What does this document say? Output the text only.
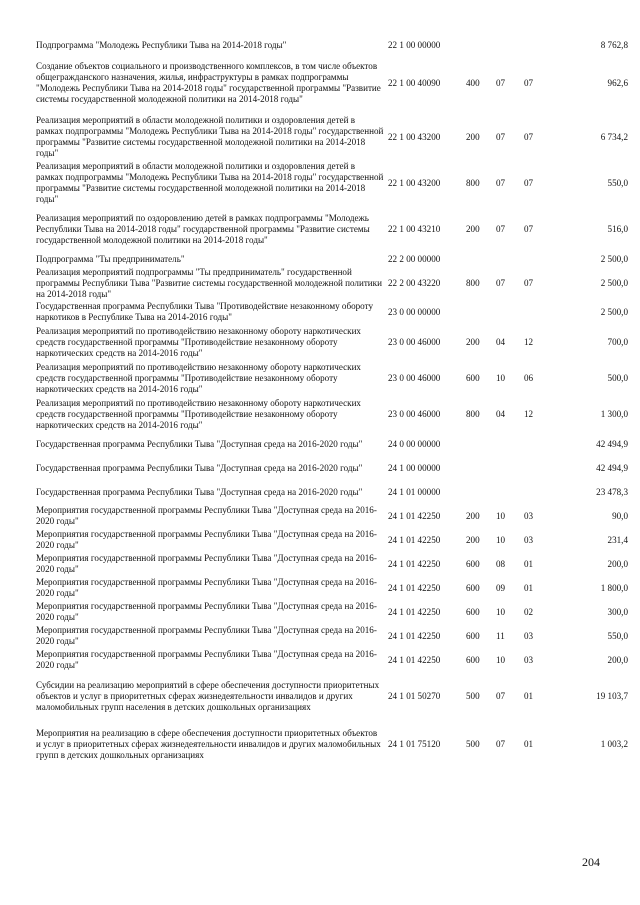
Подпрограмма "Молодежь Республики Тыва на 2014-2018 годы"	22 1 00 00000				8 762,8
Создание объектов социального и производственного комплексов, в том числе объектов общегражданского назначения, жилья, инфраструктуры в рамках подпрограммы "Молодежь Республики Тыва на 2014-2018 годы" государственной программы "Развитие системы государственной молодежной политики на 2014-2018 годы"	22 1 00 40090	400	07	07	962,6
Реализация мероприятий в области молодежной политики и оздоровления детей в рамках подпрограммы "Молодежь Республики Тыва на 2014-2018 годы" государственной программы "Развитие системы государственной молодежной политики на 2014-2018 годы"	22 1 00 43200	200	07	07	6 734,2
Реализация мероприятий в области молодежной политики и оздоровления детей в рамках подпрограммы "Молодежь Республики Тыва на 2014-2018 годы" государственной программы "Развитие системы государственной молодежной политики на 2014-2018 годы"	22 1 00 43200	800	07	07	550,0
Реализация мероприятий по оздоровлению детей в рамках подпрограммы "Молодежь Республики Тыва на 2014-2018 годы" государственной программы "Развитие системы государственной молодежной политики на 2014-2018 годы"	22 1 00 43210	200	07	07	516,0
Подпрограмма "Ты предприниматель"	22 2 00 00000				2 500,0
Реализация мероприятий подпрограммы "Ты предприниматель" государственной программы Республики Тыва "Развитие системы государственной молодежной политики на 2014-2018 годы"	22 2 00 43220	800	07	07	2 500,0
Государственная программа Республики Тыва "Противодействие незаконному обороту наркотиков в Республике Тыва на 2014-2016 годы"	23 0 00 00000				2 500,0
Реализация мероприятий по противодействию незаконному обороту наркотических средств государственной программы "Противодействие незаконному обороту наркотических средств на 2014-2016 годы"	23 0 00 46000	200	04	12	700,0
Реализация мероприятий по противодействию незаконному обороту наркотических средств государственной программы "Противодействие незаконному обороту наркотических средств на 2014-2016 годы"	23 0 00 46000	600	10	06	500,0
Реализация мероприятий по противодействию незаконному обороту наркотических средств государственной программы "Противодействие незаконному обороту наркотических средств на 2014-2016 годы"	23 0 00 46000	800	04	12	1 300,0
Государственная программа Республики Тыва "Доступная среда на 2016-2020 годы"	24 0 00 00000				42 494,9
Государственная программа Республики Тыва "Доступная среда на 2016-2020 годы"	24 1 00 00000				42 494,9
Государственная программа Республики Тыва "Доступная среда на 2016-2020 годы"	24 1 01 00000				23 478,3
Мероприятия государственной программы Республики Тыва "Доступная среда на 2016-2020 годы"	24 1 01 42250	200	10	03	90,0
Мероприятия государственной программы Республики Тыва "Доступная среда на 2016-2020 годы"	24 1 01 42250	200	10	03	231,4
Мероприятия государственной программы Республики Тыва "Доступная среда на 2016-2020 годы"	24 1 01 42250	600	08	01	200,0
Мероприятия государственной программы Республики Тыва "Доступная среда на 2016-2020 годы"	24 1 01 42250	600	09	01	1 800,0
Мероприятия государственной программы Республики Тыва "Доступная среда на 2016-2020 годы"	24 1 01 42250	600	10	02	300,0
Мероприятия государственной программы Республики Тыва "Доступная среда на 2016-2020 годы"	24 1 01 42250	600	11	03	550,0
Мероприятия государственной программы Республики Тыва "Доступная среда на 2016-2020 годы"	24 1 01 42250	600	10	03	200,0
Субсидии на реализацию мероприятий в сфере обеспечения доступности приоритетных объектов и услуг в приоритетных сферах жизнедеятельности инвалидов и других маломобильных групп населения в детских дошкольных организациях	24 1 01 50270	500	07	01	19 103,7
Мероприятия на реализацию в сфере обеспечения доступности приоритетных объектов и услуг в приоритетных сферах жизнедеятельности инвалидов и других маломобильных групп в детских дошкольных организациях	24 1 01 75120	500	07	01	1 003,2
204
